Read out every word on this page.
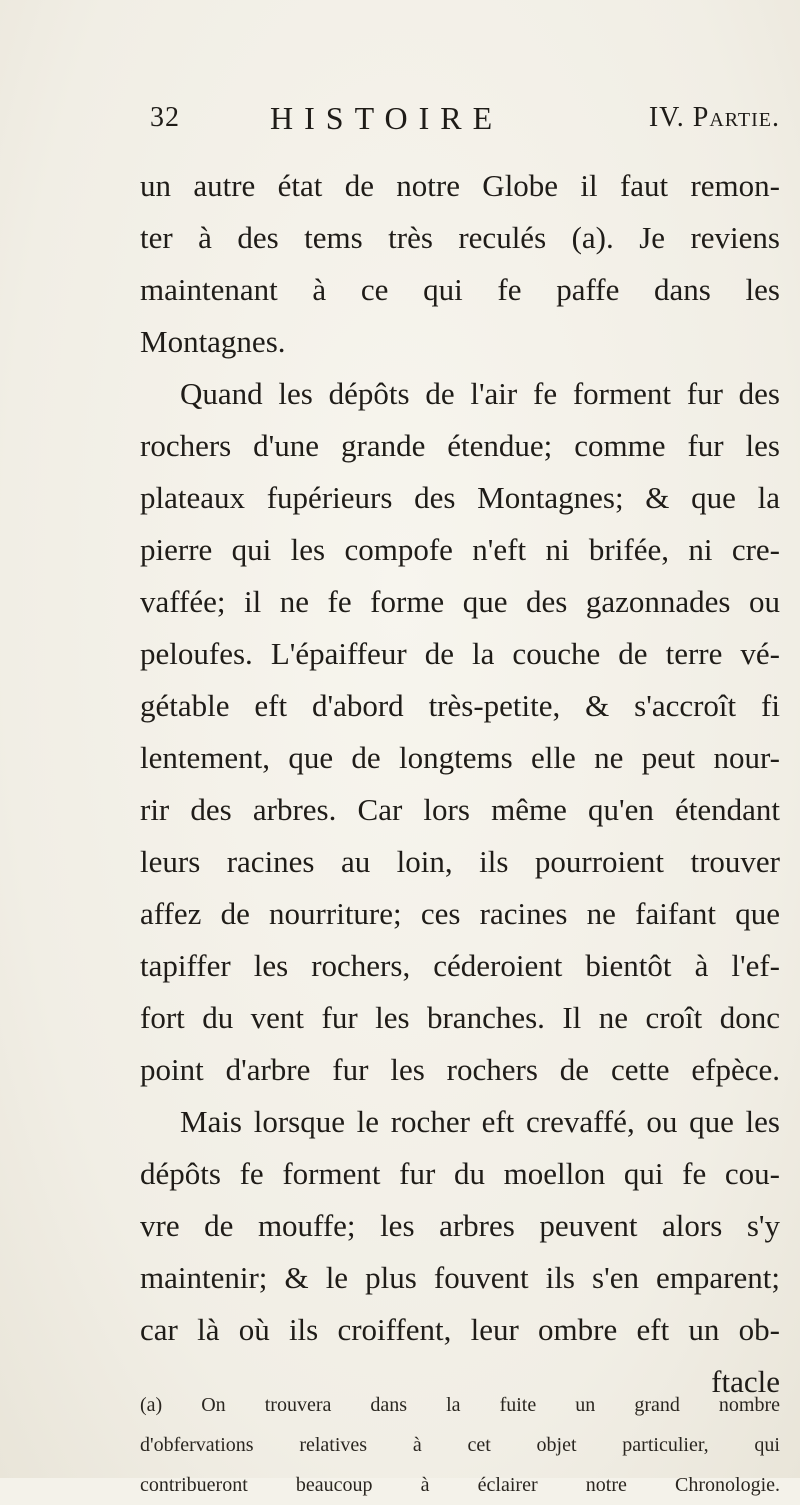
32	HISTOIRE	IV. Partie.
un autre état de notre Globe il faut remon-
ter à des tems très reculés (a). Je reviens
maintenant à ce qui fe paffe dans les
Montagnes.
Quand les dépôts de l'air fe forment fur des
rochers d'une grande étendue; comme fur les
plateaux fupérieurs des Montagnes; & que la
pierre qui les compofe n'eft ni brifée, ni cre-
vaffée; il ne fe forme que des gazonnades ou
peloufes. L'épaiffeur de la couche de terre vé-
gétable eft d'abord très-petite, & s'accroît fi
lentement, que de longtems elle ne peut nour-
rir des arbres. Car lors même qu'en étendant
leurs racines au loin, ils pourroient trouver
affez de nourriture; ces racines ne faifant que
tapiffer les rochers, céderoient bientôt à l'ef-
fort du vent fur les branches. Il ne croît donc
point d'arbre fur les rochers de cette efpèce.
Mais lorsque le rocher eft crevaffé, ou que les
dépôts fe forment fur du moellon qui fe cou-
vre de mouffe; les arbres peuvent alors s'y
maintenir; & le plus fouvent ils s'en emparent;
car là où ils croiffent, leur ombre eft un ob-
ftacle
(a) On trouvera dans la fuite un grand nombre
d'obfervations relatives à cet objet particulier, qui
contribueront beaucoup à éclairer notre Chronologie.
